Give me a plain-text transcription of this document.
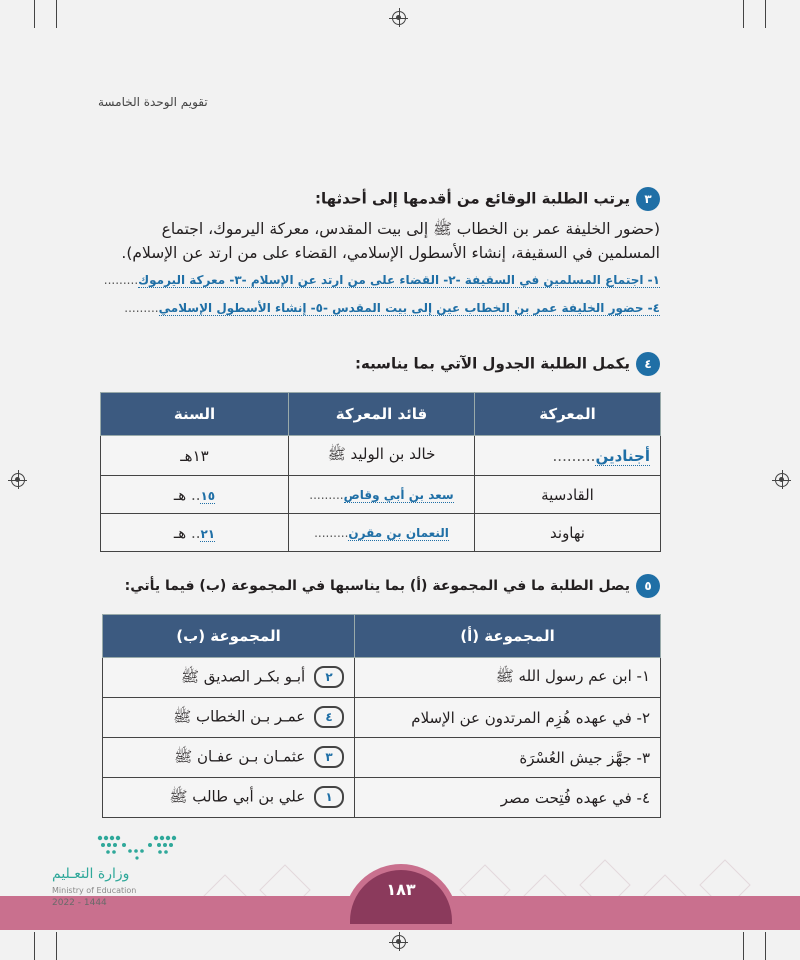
تقويم الوحدة الخامسة
٣يرتب الطلبة الوقائع من أقدمها إلى أحدثها:
(حضور الخليفة عمر بن الخطاب ﷺ إلى بيت المقدس، معركة اليرموك، اجتماع
المسلمين في السقيفة، إنشاء الأسطول الإسلامي، القضاء على من ارتد عن الإسلام).
١- اجتماع المسلمين في السقيفة -٢- القضاء على من ارتد عن الإسلام -٣- معركة اليرموك.........
٤- حضور الخليفة عمر بن الخطاب عين إلى بيت المقدس -٥- إنشاء الأسطول الإسلامي.........
٤يكمل الطلبة الجدول الآتي بما يناسبه:
المعركة	قائد المعركة	السنة
أجنادين.........	خالد بن الوليد ﷺ	١٣هـ
القادسية	سعد بن أبي وقاص.........	١٥.. هـ
نهاوند	النعمان بن مقرن.........	٢١.. هـ
٥يصل الطلبة ما في المجموعة (أ) بما يناسبها في المجموعة (ب) فيما يأتي:
المجموعة (أ)	المجموعة (ب)
١- ابن عم رسول الله ﷺ	٢ أبـو بكـر الصديق ﷺ
٢- في عهده هُزِم المرتدون عن الإسلام	٤ عمـر بـن الخطاب ﷺ
٣- جهَّز جيش العُسْرَة	٣ عثمـان بـن عفـان ﷺ
٤- في عهده فُتِحت مصر	١ علي بن أبي طالب ﷺ
١٨٣
وزارة التعـليم
Ministry of Education
2022 - 1444
